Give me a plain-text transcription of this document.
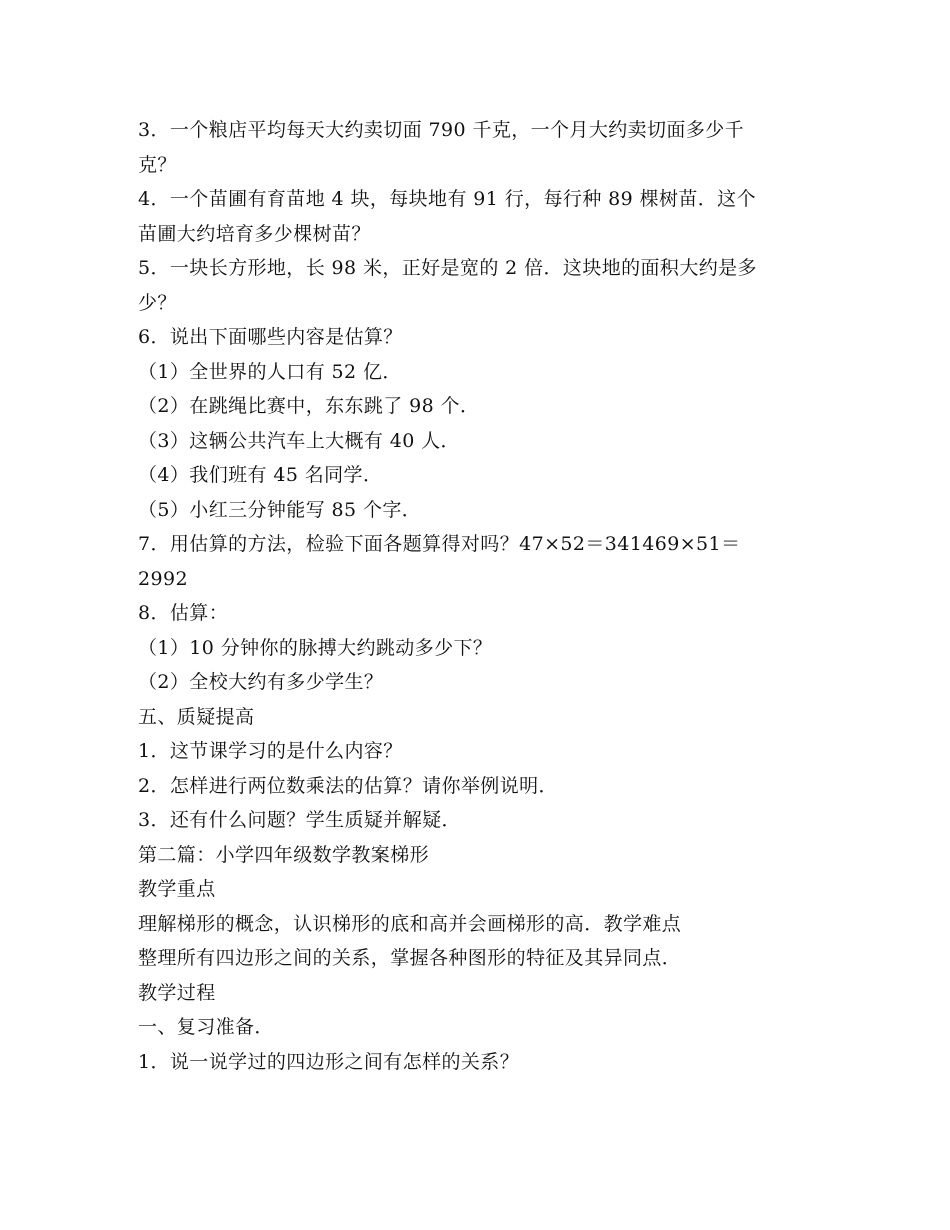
3．一个粮店平均每天大约卖切面 790 千克，一个月大约卖切面多少千
克？
4．一个苗圃有育苗地 4 块，每块地有 91 行，每行种 89 棵树苗．这个
苗圃大约培育多少棵树苗？
5．一块长方形地，长 98 米，正好是宽的 2 倍．这块地的面积大约是多
少？
6．说出下面哪些内容是估算？
（1）全世界的人口有 52 亿．
（2）在跳绳比赛中，东东跳了 98 个．
（3）这辆公共汽车上大概有 40 人．
（4）我们班有 45 名同学．
（5）小红三分钟能写 85 个字．
7．用估算的方法，检验下面各题算得对吗？47×52＝341469×51＝
2992
8．估算：
（1）10 分钟你的脉搏大约跳动多少下？
（2）全校大约有多少学生？
五、质疑提高
1．这节课学习的是什么内容？
2．怎样进行两位数乘法的估算？请你举例说明．
3．还有什么问题？学生质疑并解疑．
第二篇：小学四年级数学教案梯形
教学重点
理解梯形的概念，认识梯形的底和高并会画梯形的高．教学难点
整理所有四边形之间的关系，掌握各种图形的特征及其异同点．
教学过程
一、复习准备．
1．说一说学过的四边形之间有怎样的关系？
